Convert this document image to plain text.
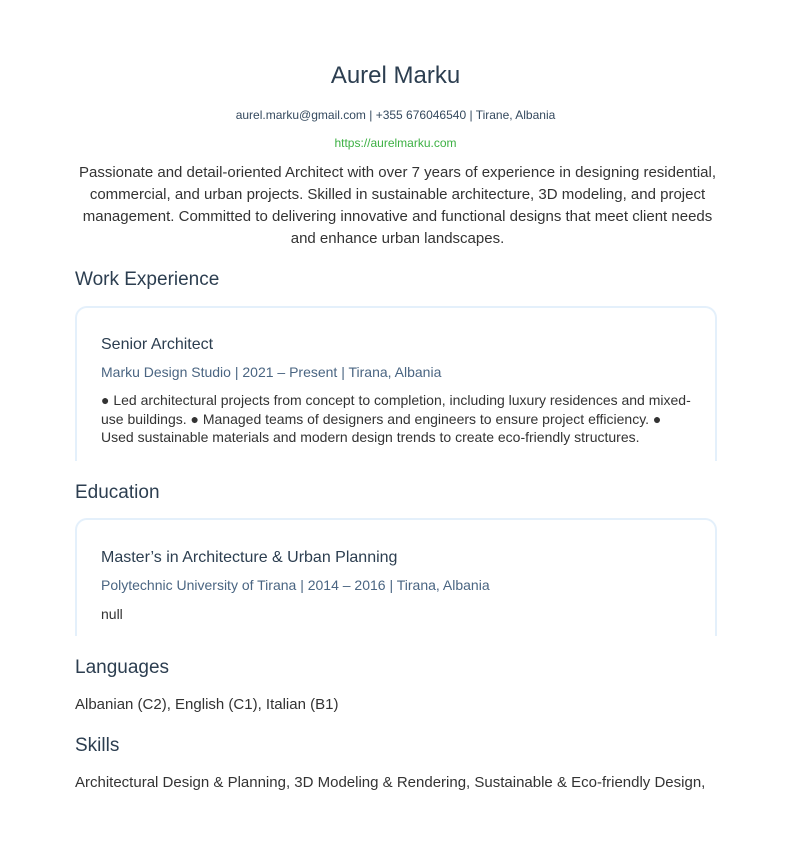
Aurel Marku
aurel.marku@gmail.com | +355 676046540 | Tirane, Albania
https://aurelmarku.com

Passionate and detail-oriented Architect with over 7 years of experience in designing residential, commercial, and urban projects. Skilled in sustainable architecture, 3D modeling, and project management. Committed to delivering innovative and functional designs that meet client needs and enhance urban landscapes.

Work Experience
Senior Architect
Marku Design Studio | 2021 – Present | Tirana, Albania

● Led architectural projects from concept to completion, including luxury residences and mixed-use buildings. ● Managed teams of designers and engineers to ensure project efficiency. ● Used sustainable materials and modern design trends to create eco-friendly structures.

Education
Master’s in Architecture & Urban Planning
Polytechnic University of Tirana | 2014 – 2016 | Tirana, Albania

null

Languages

Albanian (C2), English (C1), Italian (B1)

Skills

Architectural Design & Planning, 3D Modeling & Rendering, Sustainable & Eco-friendly Design,
